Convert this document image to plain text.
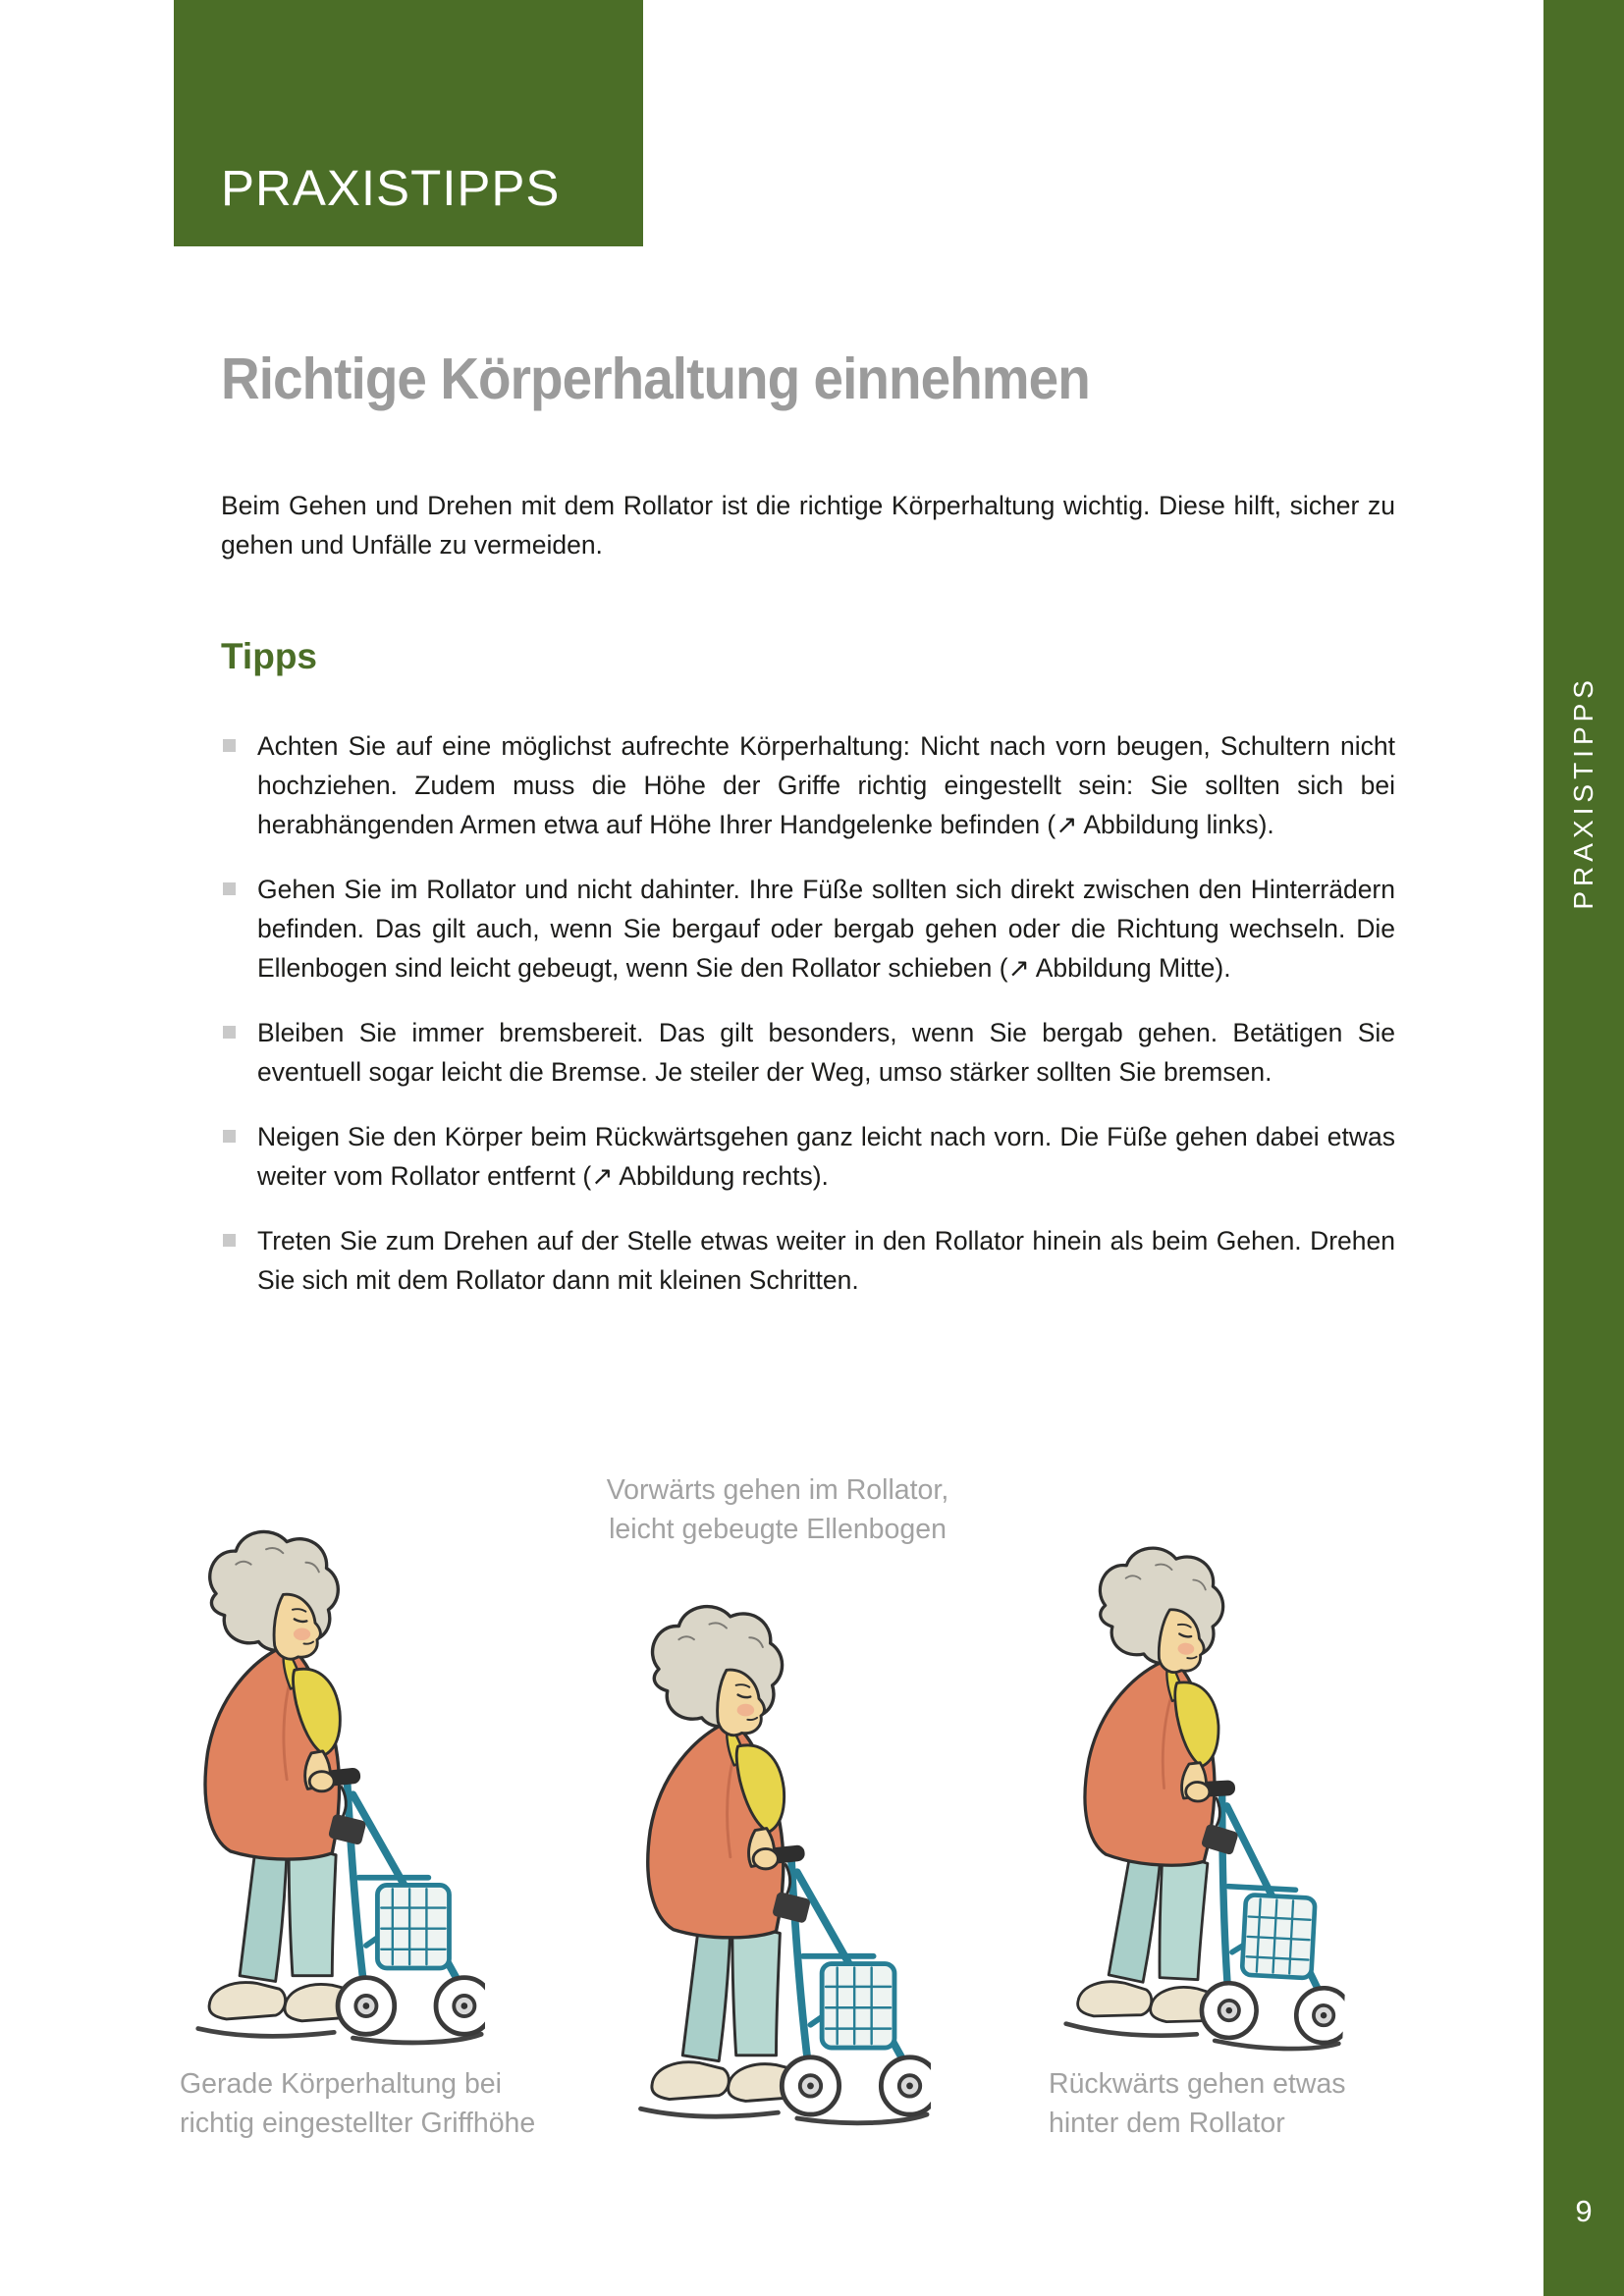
PRAXISTIPPS
PRAXISTIPPS
9
Richtige Körperhaltung einnehmen

Beim Gehen und Drehen mit dem Rollator ist die richtige Körperhaltung wichtig. Diese hilft, sicher zu gehen und Unfälle zu vermeiden.

Tipps
Achten Sie auf eine möglichst aufrechte Körperhaltung: Nicht nach vorn beugen, Schultern nicht hochziehen. Zudem muss die Höhe der Griffe richtig eingestellt sein: Sie sollten sich bei herabhängenden Armen etwa auf Höhe Ihrer Handgelenke befinden (↗ Abbildung links).
Gehen Sie im Rollator und nicht dahinter. Ihre Füße sollten sich direkt zwischen den Hinterrädern befinden. Das gilt auch, wenn Sie bergauf oder bergab gehen oder die Richtung wechseln. Die Ellenbogen sind leicht gebeugt, wenn Sie den Rollator schieben (↗ Abbildung Mitte).
Bleiben Sie immer bremsbereit. Das gilt besonders, wenn Sie bergab gehen. Betätigen Sie eventuell sogar leicht die Bremse. Je steiler der Weg, umso stärker sollten Sie bremsen.
Neigen Sie den Körper beim Rückwärtsgehen ganz leicht nach vorn. Die Füße gehen dabei etwas weiter vom Rollator entfernt (↗ Abbildung rechts).
Treten Sie zum Drehen auf der Stelle etwas weiter in den Rollator hinein als beim Gehen. Drehen Sie sich mit dem Rollator dann mit kleinen Schritten.
Vorwärts gehen im Rollator,
leicht gebeugte Ellenbogen
Gerade Körperhaltung bei
richtig eingestellter Griffhöhe
Rückwärts gehen etwas
hinter dem Rollator
